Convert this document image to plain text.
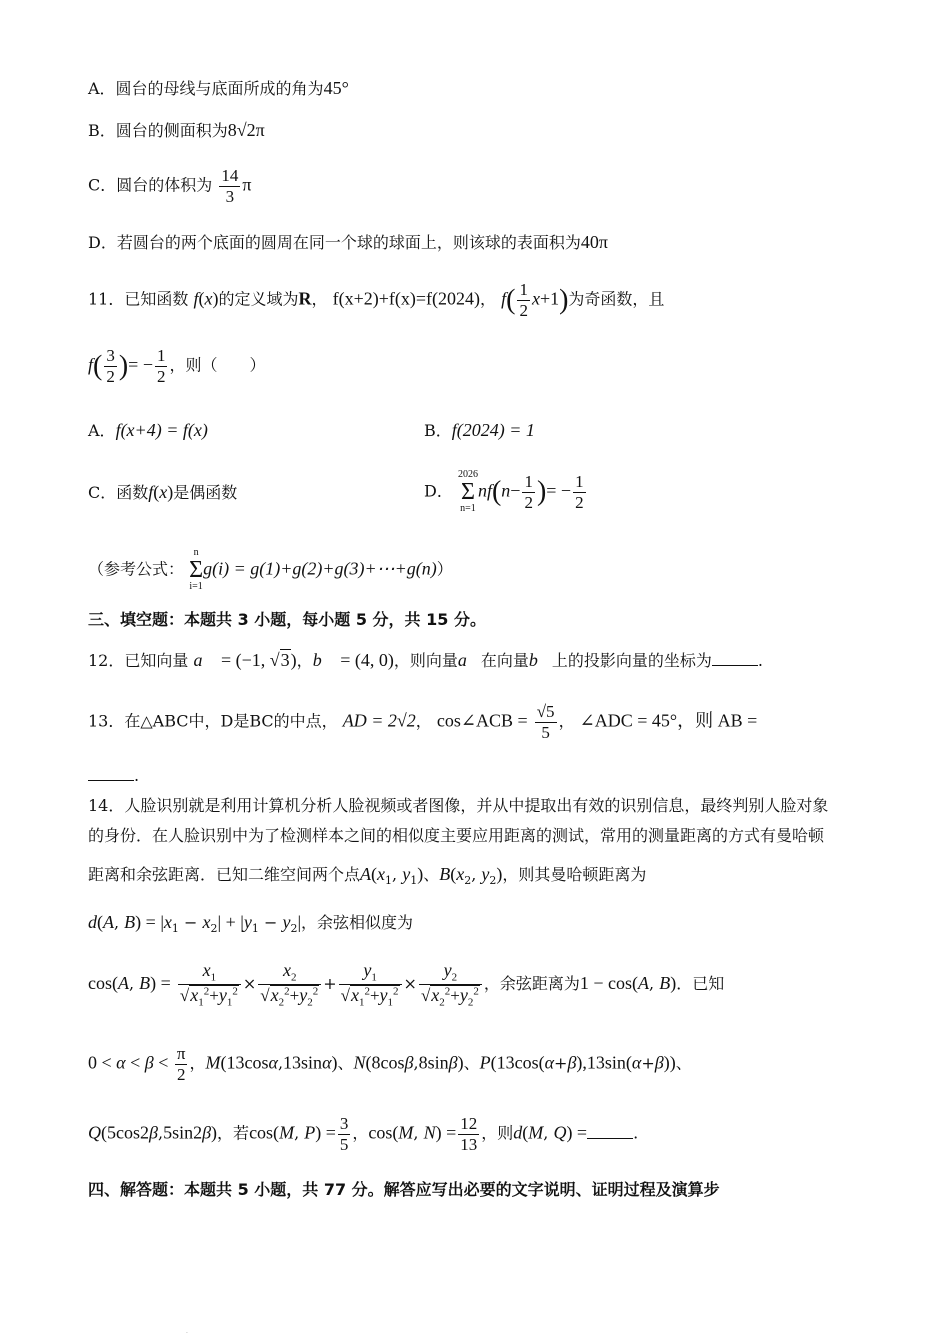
A．圆台的母线与底面所成的角为45°
B．圆台的侧面积为8√2π
C．圆台的体积为 $\frac{14}{3}$ π
D．若圆台的两个底面的圆周在同一个球的球面上，则该球的表面积为40π
11．已知函数 f(x)的定义域为R， f(x+2)+f(x)=f(2024)， $f( \frac{1}{2} x+1)$为奇函数，且
$f( \frac{3}{2}$ )= − $\frac{1}{2}$ ，则（　　）
A．f(x+4) = f(x)	B．f(2024) = 1
C．函数f(x)是偶函数	D．
2026
Σ
n=1
$nf(n- \frac{1}{2}$ )= − $\frac{1}{2}$
（参考公式：
n
Σ
i=1
g(i) = g(1)+g(2)+g(3)+⋯+g(n)）
三、填空题：本题共 3 小题，每小题 5 分，共 15 分。
12．已知向量 a⃗ = (−1, √3)，b⃗ = (4, 0)，则向量a⃗在向量b⃗上的投影向量的坐标为	.
13．在△ABC中，D是BC的中点， AD = 2√2， cos∠ACB = $\frac{√5}{5}$ ， ∠ADC = 45°，则 AB =
.
14．人脸识别就是利用计算机分析人脸视频或者图像，并从中提取出有效的识别信息，最终判别人脸对象
的身份．在人脸识别中为了检测样本之间的相似度主要应用距离的测试，常用的测量距离的方式有曼哈顿
距离和余弦距离．已知二维空间两个点$A(x_1$, $y_1$)、$B(x_2$, $y_2$)，则其曼哈顿距离为
d(A, $B) = |x_1 - x_2| + |y_1 - y_2|$，余弦相似度为
cos(A, $B) = \frac{x_1}{√x_1^2+y_1^2} \times \frac{x_2}{√x_2^2+y_2^2} + \frac{y_1}{√x_1^2+y_1^2} \times \frac{y_2}{√x_2^2+y_2^2}$ ，余弦距离为1 − cos(A, B)．已知
$0 < \alpha < \beta < \frac{\pi}{2}$ ，M(13cosα,13sinα)、N(8cosβ,8sinβ)、P(13cos(α+β),13sin(α+β))、
Q(5cos2β,5sin2β)，若cos(M, $P) = \frac{3}{5}$ ，cos(M, $N) = \frac{12}{13}$ ，则d(M, Q) =	.
四、解答题：本题共 5 小题，共 77 分。解答应写出必要的文字说明、证明过程及演算步
·
